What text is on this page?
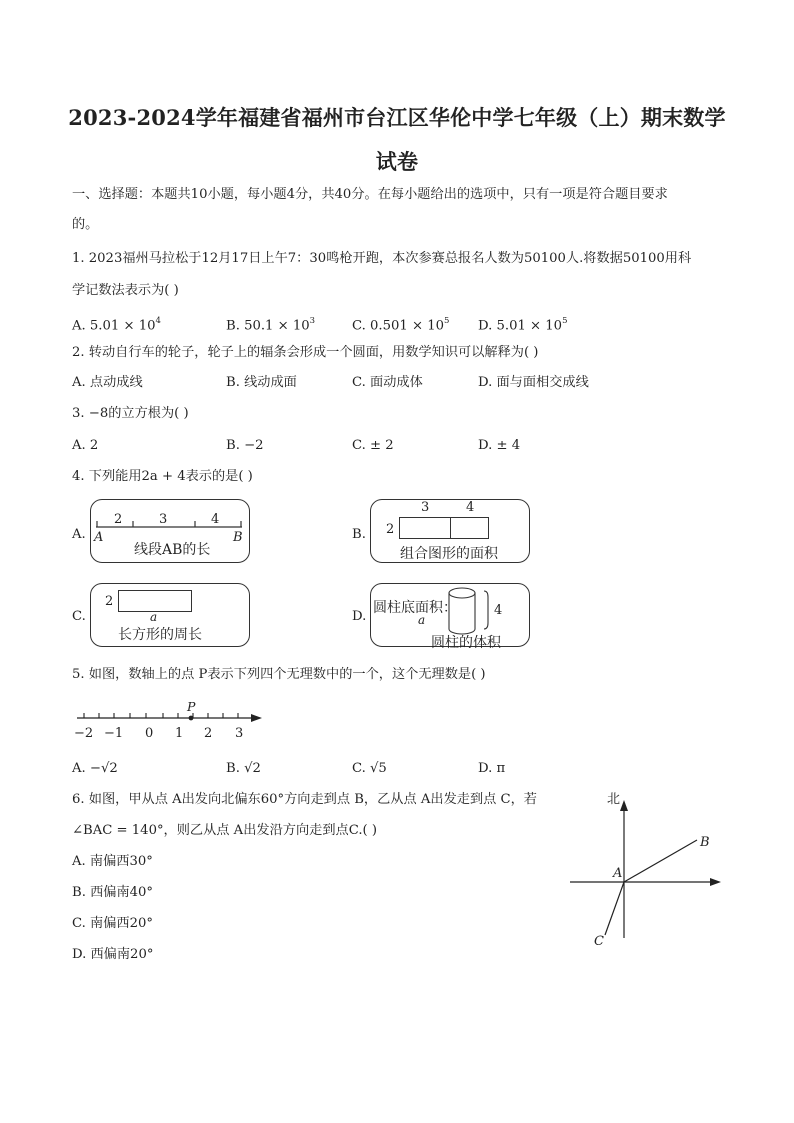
2023-2024学年福建省福州市台江区华伦中学七年级（上）期末数学
试卷
一、选择题：本题共10小题，每小题4分，共40分。在每小题给出的选项中，只有一项是符合题目要求
的。
1. 2023福州马拉松于12月17日上午7：30鸣枪开跑，本次参赛总报名人数为50100人.将数据50100用科
学记数法表示为( )
A. $5.01 \times 10^4$	B. $50.1 \times 10^3$	C. $0.501 \times 10^5$ D. $5.01 \times 10^5$
2. 转动自行车的轮子，轮子上的辐条会形成一个圆面，用数学知识可以解释为( )
A. 点动成线	B. 线动成面	C. 面动成体	D. 面与面相交成线
3. −8的立方根为( )
A. 2	B. −2	C. ± 2	D. ± 4
4. 下列能用2a + 4表示的是( )
A.
2	3	4
A	B
线段AB的长
B.
3	4
2
组合图形的面积
C.
2
a
长方形的周长
D.
圆柱底面积：
a
4
圆柱的体积
5. 如图，数轴上的点 P表示下列四个无理数中的一个，这个无理数是( )
P
−2 −1 0 1 2 3
A. −√2	B. √2	C. √5	D. π
6. 如图，甲从点 A出发向北偏东60°方向走到点 B，乙从点 A出发走到点 C，若
∠BAC = 140°，则乙从点 A出发沿方向走到点C.( )
A. 南偏西30°
B. 西偏南40°
C. 南偏西20°
D. 西偏南20°
北
A
B
C
